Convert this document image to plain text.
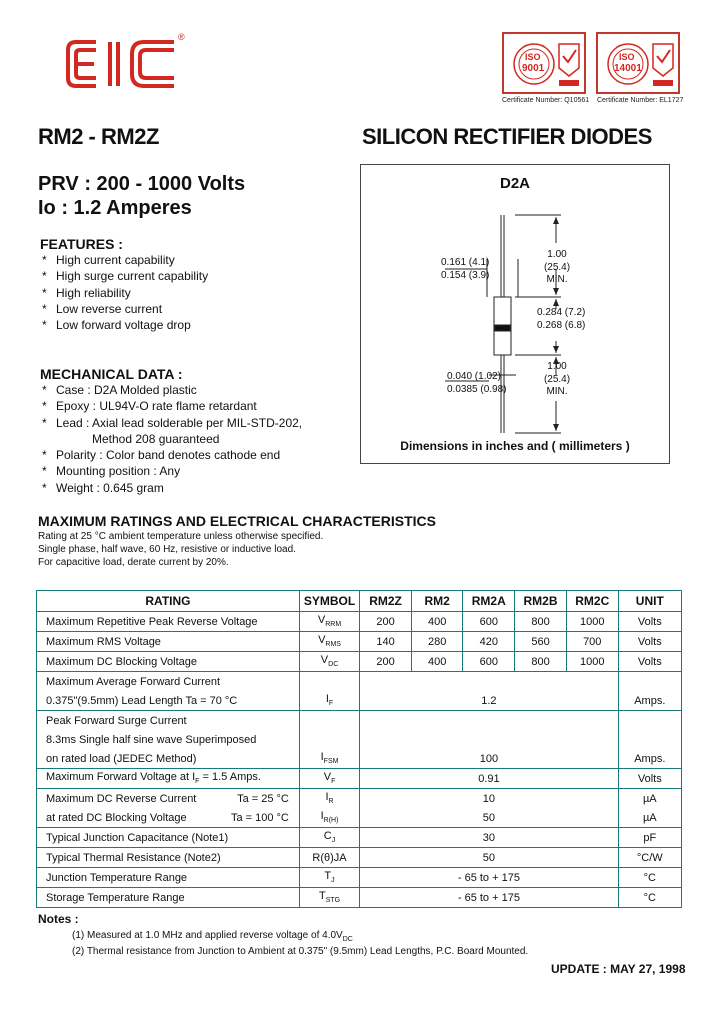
®
ISO
9001
Certificate Number: Q10561
ISO
14001
Certificate Number: EL1727
RM2 - RM2Z	SILICON RECTIFIER DIODES
PRV : 200 - 1000 Volts
Io : 1.2 Amperes
FEATURES :
* High current capability
* High surge current capability
* High reliability
* Low reverse current
* Low forward voltage drop
MECHANICAL DATA :
* Case : D2A Molded plastic
* Epoxy : UL94V-O rate flame retardant
* Lead : Axial lead solderable per MIL-STD-202,
Method 208 guaranteed
* Polarity : Color band denotes cathode end
* Mounting position : Any
* Weight : 0.645 gram
D2A
1.00 (25.4)
MIN.
0.161 (4.1)
0.154 (3.9)
0.284 (7.2)
0.268 (6.8)
1.00 (25.4)
MIN.
0.040 (1.02)
0.0385 (0.98)
Dimensions in inches and ( millimeters )
MAXIMUM RATINGS AND ELECTRICAL CHARACTERISTICS
Rating at 25 °C ambient temperature unless otherwise specified.
Single phase, half wave, 60 Hz, resistive or inductive load.
For capacitive load, derate current by 20%.
RATING	SYMBOL	RM2Z	RM2	RM2A	RM2B	RM2C	UNIT
Maximum Repetitive Peak Reverse Voltage	$V_{RRM}$	200	400	600	800	1000	Volts
Maximum RMS Voltage	$V_{RMS}$	140	280	420	560	700	Volts
Maximum DC Blocking Voltage	$V_{DC}$	200	400	600	800	1000	Volts
Maximum Average Forward Current							
0.375"(9.5mm) Lead Length Ta = 70 °C	$I_F$	1.2					Amps.
Peak Forward Surge Current							
8.3ms Single half sine wave Superimposed							
on rated load (JEDEC Method)	$I_{FSM}$	100					Amps.
Maximum Forward Voltage at $I_F = 1.5$ Amps.	$V_F$	0.91					Volts
Maximum DC Reverse Current Ta = 25 °C	$I_R$	10					µA
at rated DC Blocking Voltage Ta = 100 °C	$I_{R(H)}$	50					µA
Typical Junction Capacitance (Note1)	$C_J$	30					pF
Typical Thermal Resistance (Note2)	R(θ)JA	50					°C/W
Junction Temperature Range	$T_J$	- 65 to + 175					°C
Storage Temperature Range	$T_{STG}$	- 65 to + 175					°C
Notes :
(1) Measured at 1.0 MHz and applied reverse voltage of $4.0V_{DC}$
(2) Thermal resistance from Junction to Ambient at 0.375" (9.5mm) Lead Lengths, P.C. Board Mounted.
UPDATE : MAY 27, 1998
